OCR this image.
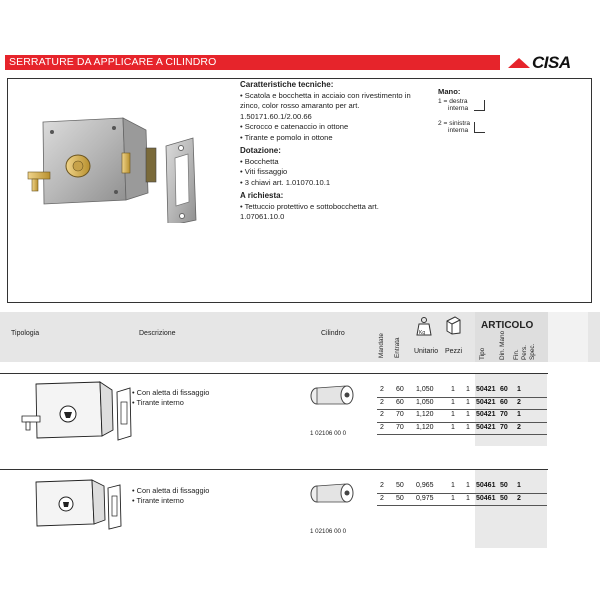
SERRATURE DA APPLICARE A CILINDRO	CISA
Caratteristiche tecniche:
• Scatola e bocchetta in acciaio con rivestimento in zinco, color rosso amaranto per art. 1.50171.60.1/2.00.66
• Scrocco e catenaccio in ottone
• Tirante e pomolo in ottone
Dotazione:
• Bocchetta
• Viti fissaggio
• 3 chiavi art. 1.01070.10.1
A richiesta:
• Tettuccio protettivo e sottobocchetta art. 1.07061.10.0
Mano:
1 = destra
interna
2 = sinistra
interna
Tipologia	Descrizione	Cilindro	Mandate Entrata
Kg
Unitario Pezzi
ARTICOLO
Tipo Din. Mano Fin. Pers. Spec.
• Con aletta di fissaggio
• Tirante interno
1 02106 00 0
2 60 1,050 1 1 50421 60 1
2 60 1,050 1 1 50421 60 2
2 70 1,120 1 1 50421 70 1
2 70 1,120 1 1 50421 70 2
• Con aletta di fissaggio
• Tirante interno
1 02106 00 0
2 50 0,965 1 1 50461 50 1
2 50 0,975 1 1 50461 50 2
